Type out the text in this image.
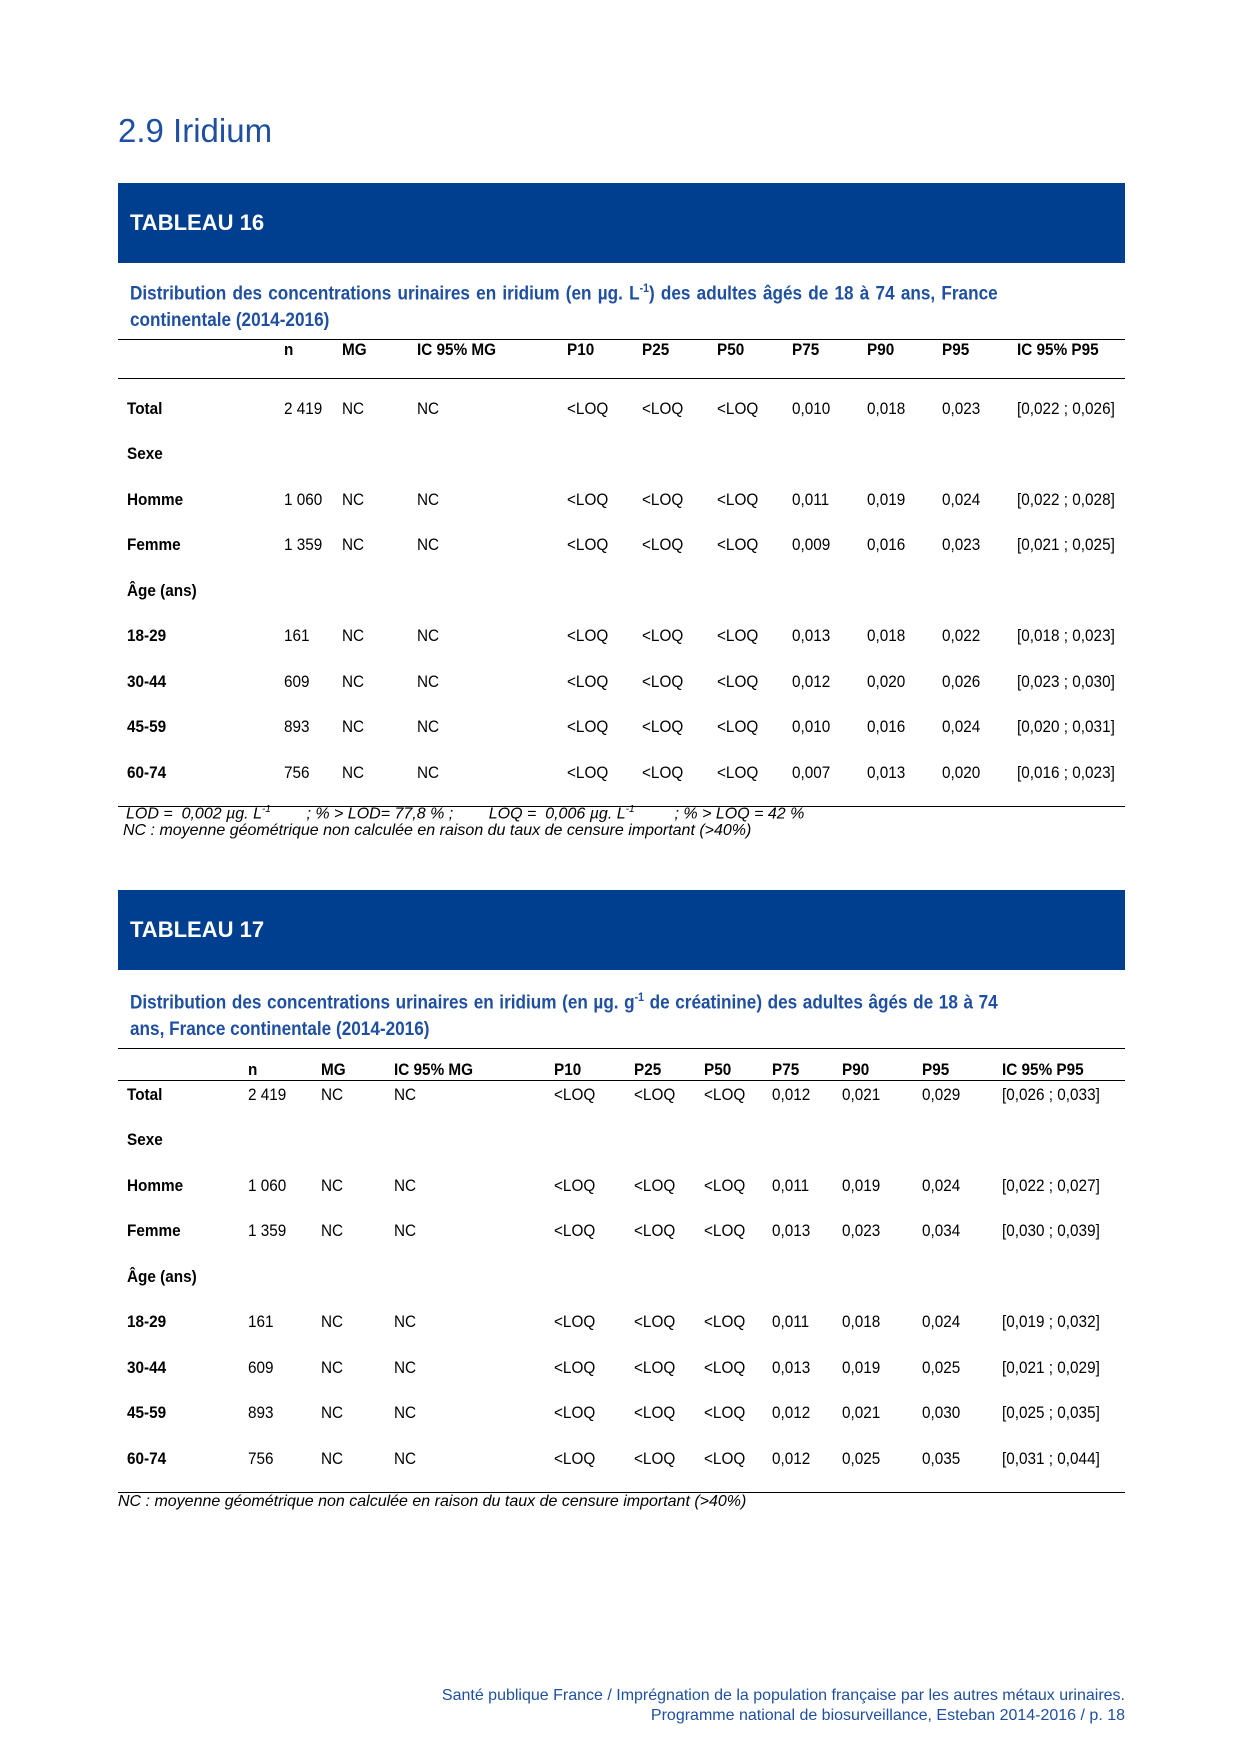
2.9 Iridium
TABLEAU 16
Distribution des concentrations urinaires en iridium (en µg. $L^{-1}$) des adultes âgés de 18 à 74 ans, France continentale (2014-2016)
	n	MG	IC 95% MG	P10	P25	P50	P75	P90	P95	IC 95% P95
Total	2 419	NC	NC	<LOQ	<LOQ	<LOQ	0,010	0,018	0,023	[0,022 ; 0,026]
Sexe										
Homme	1 060	NC	NC	<LOQ	<LOQ	<LOQ	0,011	0,019	0,024	[0,022 ; 0,028]
Femme	1 359	NC	NC	<LOQ	<LOQ	<LOQ	0,009	0,016	0,023	[0,021 ; 0,025]
Âge (ans)										
18-29	161	NC	NC	<LOQ	<LOQ	<LOQ	0,013	0,018	0,022	[0,018 ; 0,023]
30-44	609	NC	NC	<LOQ	<LOQ	<LOQ	0,012	0,020	0,026	[0,023 ; 0,030]
45-59	893	NC	NC	<LOQ	<LOQ	<LOQ	0,010	0,016	0,024	[0,020 ; 0,031]
60-74	756	NC	NC	<LOQ	<LOQ	<LOQ	0,007	0,013	0,020	[0,016 ; 0,023]

LOD =  0,002 µg. $L^{-1}$        ; % > LOD= 77,8 % ;        LOQ =  0,006 µg. $L^{-1}$         ; % > LOQ = 42 %
NC : moyenne géométrique non calculée en raison du taux de censure important (>40%)
TABLEAU 17
Distribution des concentrations urinaires en iridium (en µg. $g^{-1}$ de créatinine) des adultes âgés de 18 à 74 ans, France continentale (2014-2016)
	n	MG	IC 95% MG	P10	P25	P50	P75	P90	P95	IC 95% P95
Total	2 419	NC	NC	<LOQ	<LOQ	<LOQ	0,012	0,021	0,029	[0,026 ; 0,033]
Sexe										
Homme	1 060	NC	NC	<LOQ	<LOQ	<LOQ	0,011	0,019	0,024	[0,022 ; 0,027]
Femme	1 359	NC	NC	<LOQ	<LOQ	<LOQ	0,013	0,023	0,034	[0,030 ; 0,039]
Âge (ans)										
18-29	161	NC	NC	<LOQ	<LOQ	<LOQ	0,011	0,018	0,024	[0,019 ; 0,032]
30-44	609	NC	NC	<LOQ	<LOQ	<LOQ	0,013	0,019	0,025	[0,021 ; 0,029]
45-59	893	NC	NC	<LOQ	<LOQ	<LOQ	0,012	0,021	0,030	[0,025 ; 0,035]
60-74	756	NC	NC	<LOQ	<LOQ	<LOQ	0,012	0,025	0,035	[0,031 ; 0,044]

NC : moyenne géométrique non calculée en raison du taux de censure important (>40%)
Santé publique France / Imprégnation de la population française par les autres métaux urinaires.
Programme national de biosurveillance, Esteban 2014-2016 / p. 18
